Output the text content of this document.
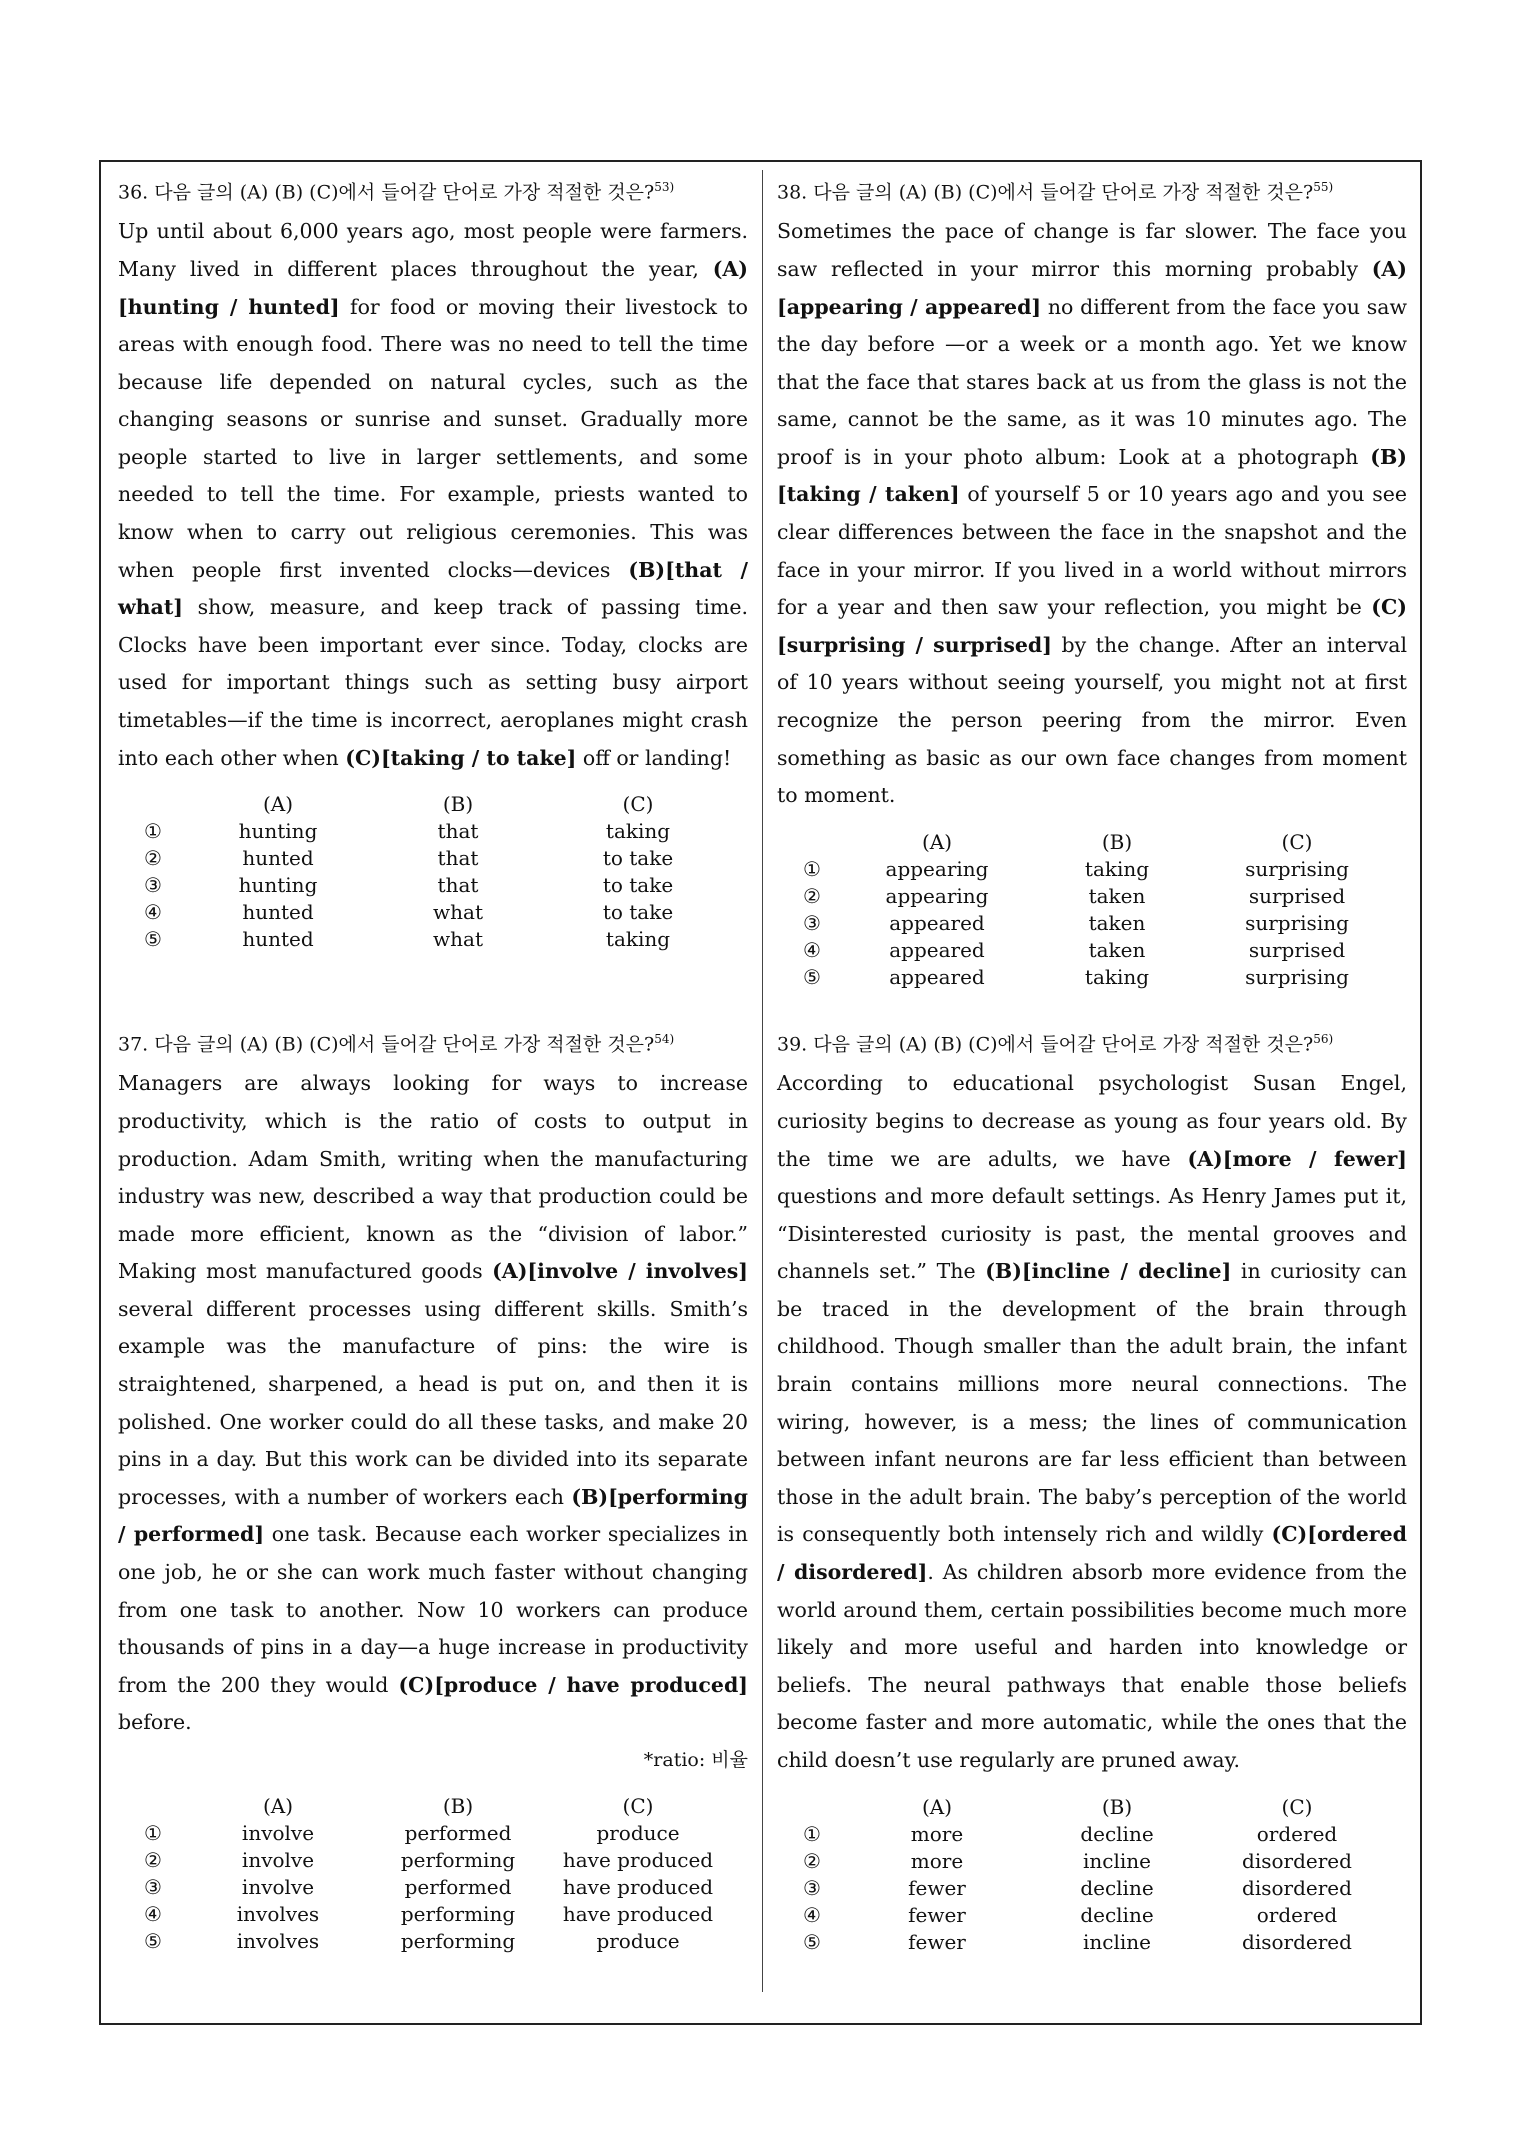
36. 다음 글의 (A) (B) (C)에서 들어갈 단어로 가장 적절한 것은?$^{53)}$

Up until about 6,000 years ago, most people were farmers. Many lived in different places throughout the year, (A)[hunting / hunted] for food or moving their livestock to areas with enough food. There was no need to tell the time because life depended on natural cycles, such as the changing seasons or sunrise and sunset. Gradually more people started to live in larger settlements, and some needed to tell the time. For example, priests wanted to know when to carry out religious ceremonies. This was when people first invented clocks—devices (B)[that / what] show, measure, and keep track of passing time. Clocks have been important ever since. Today, clocks are used for important things such as setting busy airport timetables—if the time is incorrect, aeroplanes might crash into each other when (C)[taking / to take] off or landing!

	(A)	(B)	(C)
①	hunting	that	taking
②	hunted	that	to take
③	hunting	that	to take
④	hunted	what	to take
⑤	hunted	what	taking
37. 다음 글의 (A) (B) (C)에서 들어갈 단어로 가장 적절한 것은?$^{54)}$

Managers are always looking for ways to increase productivity, which is the ratio of costs to output in production. Adam Smith, writing when the manufacturing industry was new, described a way that production could be made more efficient, known as the “division of labor.” Making most manufactured goods (A)[involve / involves] several different processes using different skills. Smith’s example was the manufacture of pins: the wire is straightened, sharpened, a head is put on, and then it is polished. One worker could do all these tasks, and make 20 pins in a day. But this work can be divided into its separate processes, with a number of workers each (B)[performing / performed] one task. Because each worker specializes in one job, he or she can work much faster without changing from one task to another. Now 10 workers can produce thousands of pins in a day—a huge increase in productivity from the 200 they would (C)[produce / have produced] before.

*ratio: 비율

	(A)	(B)	(C)
①	involve	performed	produce
②	involve	performing	have produced
③	involve	performed	have produced
④	involves	performing	have produced
⑤	involves	performing	produce
38. 다음 글의 (A) (B) (C)에서 들어갈 단어로 가장 적절한 것은?$^{55)}$

Sometimes the pace of change is far slower. The face you saw reflected in your mirror this morning probably (A)[appearing / appeared] no different from the face you saw the day before —or a week or a month ago. Yet we know that the face that stares back at us from the glass is not the same, cannot be the same, as it was 10 minutes ago. The proof is in your photo album: Look at a photograph (B)[taking / taken] of yourself 5 or 10 years ago and you see clear differences between the face in the snapshot and the face in your mirror. If you lived in a world without mirrors for a year and then saw your reflection, you might be (C)[surprising / surprised] by the change. After an interval of 10 years without seeing yourself, you might not at first recognize the person peering from the mirror. Even something as basic as our own face changes from moment to moment.

	(A)	(B)	(C)
①	appearing	taking	surprising
②	appearing	taken	surprised
③	appeared	taken	surprising
④	appeared	taken	surprised
⑤	appeared	taking	surprising
39. 다음 글의 (A) (B) (C)에서 들어갈 단어로 가장 적절한 것은?$^{56)}$

According to educational psychologist Susan Engel, curiosity begins to decrease as young as four years old. By the time we are adults, we have (A)[more / fewer] questions and more default settings. As Henry James put it, “Disinterested curiosity is past, the mental grooves and channels set.” The (B)[incline / decline] in curiosity can be traced in the development of the brain through childhood. Though smaller than the adult brain, the infant brain contains millions more neural connections. The wiring, however, is a mess; the lines of communication between infant neurons are far less efficient than between those in the adult brain. The baby’s perception of the world is consequently both intensely rich and wildly (C)[ordered / disordered]. As children absorb more evidence from the world around them, certain possibilities become much more likely and more useful and harden into knowledge or beliefs. The neural pathways that enable those beliefs become faster and more automatic, while the ones that the child doesn’t use regularly are pruned away.

	(A)	(B)	(C)
①	more	decline	ordered
②	more	incline	disordered
③	fewer	decline	disordered
④	fewer	decline	ordered
⑤	fewer	incline	disordered
